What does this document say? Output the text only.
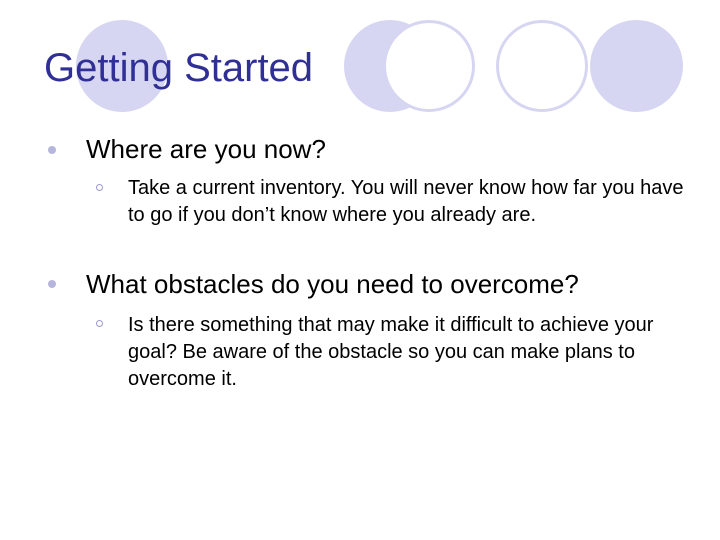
Getting Started
Where are you now?
Take a current inventory. You will never know how far you have to go if you don’t know where you already are.
What obstacles do you need to overcome?
Is there something that may make it difficult to achieve your goal? Be aware of the obstacle so you can make plans to overcome it.
